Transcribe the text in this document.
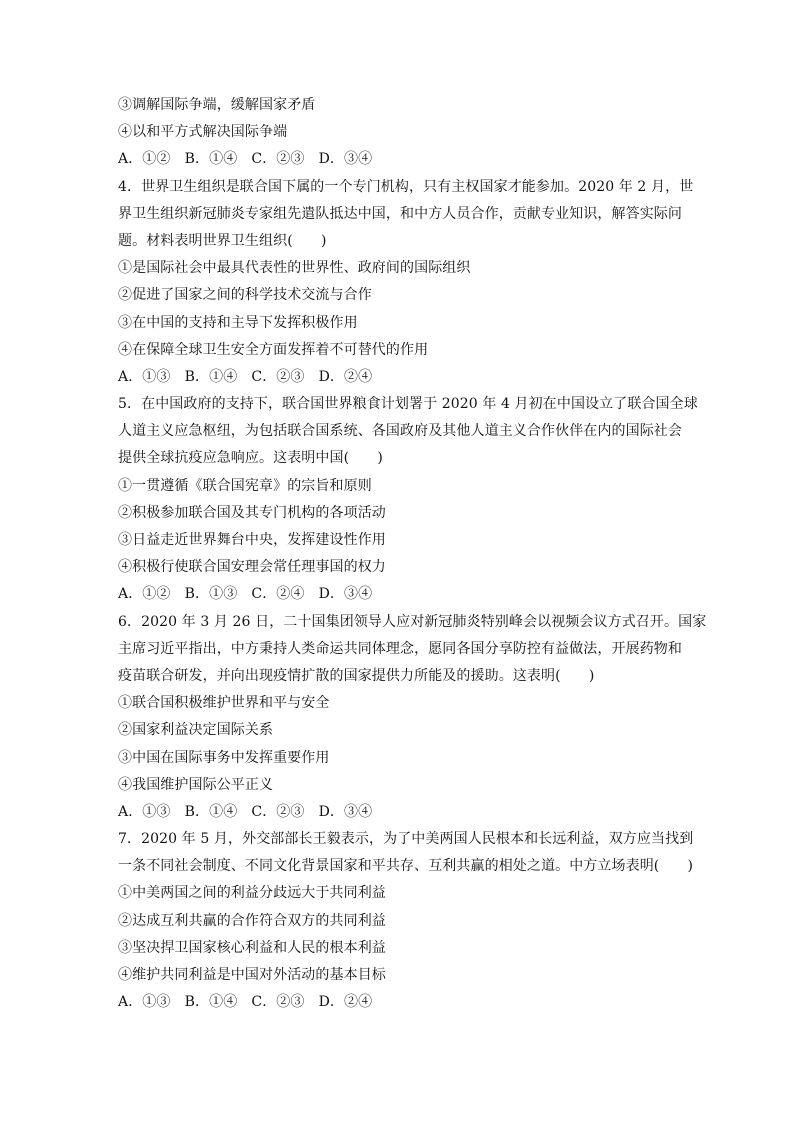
③调解国际争端，缓解国家矛盾
④以和平方式解决国际争端
A．①②　B．①④　C．②③　D．③④
4．世界卫生组织是联合国下属的一个专门机构，只有主权国家才能参加。2020 年 2 月，世
界卫生组织新冠肺炎专家组先遣队抵达中国，和中方人员合作，贡献专业知识，解答实际问
题。材料表明世界卫生组织(　　)
①是国际社会中最具代表性的世界性、政府间的国际组织
②促进了国家之间的科学技术交流与合作
③在中国的支持和主导下发挥积极作用
④在保障全球卫生安全方面发挥着不可替代的作用
A．①③　B．①④　C．②③　D．②④
5．在中国政府的支持下，联合国世界粮食计划署于 2020 年 4 月初在中国设立了联合国全球
人道主义应急枢纽，为包括联合国系统、各国政府及其他人道主义合作伙伴在内的国际社会
提供全球抗疫应急响应。这表明中国(　　)
①一贯遵循《联合国宪章》的宗旨和原则
②积极参加联合国及其专门机构的各项活动
③日益走近世界舞台中央，发挥建设性作用
④积极行使联合国安理会常任理事国的权力
A．①②　B．①③　C．②④　D．③④
6．2020 年 3 月 26 日，二十国集团领导人应对新冠肺炎特别峰会以视频会议方式召开。国家
主席习近平指出，中方秉持人类命运共同体理念，愿同各国分享防控有益做法，开展药物和
疫苗联合研发，并向出现疫情扩散的国家提供力所能及的援助。这表明(　　)
①联合国积极维护世界和平与安全
②国家利益决定国际关系
③中国在国际事务中发挥重要作用
④我国维护国际公平正义
A．①③　B．①④　C．②③　D．③④
7．2020 年 5 月，外交部部长王毅表示，为了中美两国人民根本和长远利益，双方应当找到
一条不同社会制度、不同文化背景国家和平共存、互利共赢的相处之道。中方立场表明(　　)
①中美两国之间的利益分歧远大于共同利益
②达成互利共赢的合作符合双方的共同利益
③坚决捍卫国家核心利益和人民的根本利益
④维护共同利益是中国对外活动的基本目标
A．①③　B．①④　C．②③　D．②④
